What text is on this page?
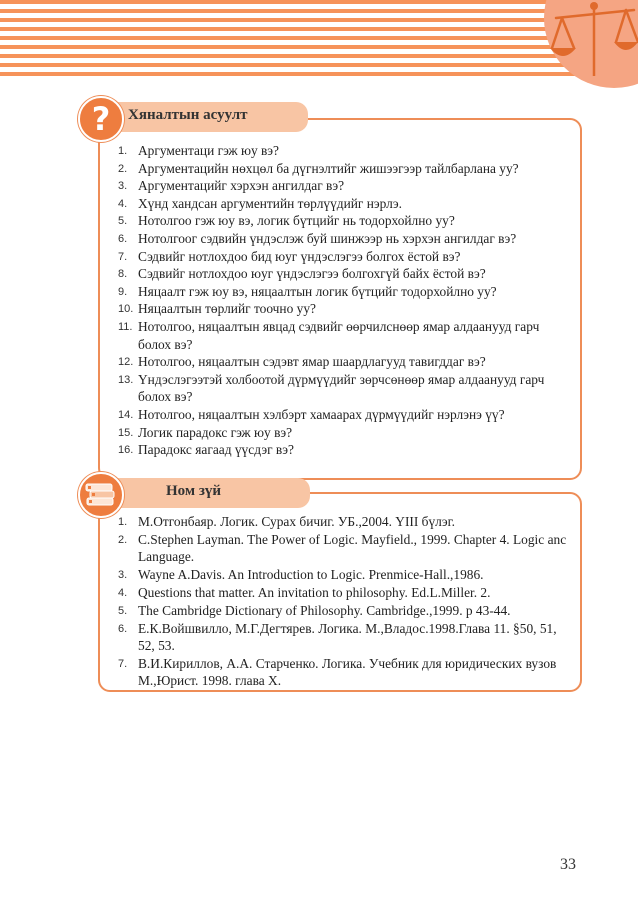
Хяналтын асуулт
?
1. Аргументаци гэж юу вэ?
2. Аргументацийн нөхцөл ба дүгнэлтийг жишээгээр тайлбарлана уу?
3. Аргументацийг хэрхэн ангилдаг вэ?
4. Хүнд хандсан аргументийн төрлүүдийг нэрлэ.
5. Нотолгоо гэж юу вэ, логик бүтцийг нь тодорхойлно уу?
6. Нотолгоог сэдвийн үндэслэж буй шинжээр нь хэрхэн ангилдаг вэ?
7. Сэдвийг нотлохдоо бид юуг үндэслэгээ болгох ёстой вэ?
8. Сэдвийг нотлохдоо юуг үндэслэгээ болгохгүй байх ёстой вэ?
9. Няцаалт гэж юу вэ, няцаалтын логик бүтцийг тодорхойлно уу?
10. Няцаалтын төрлийг тоочно уу?
11. Нотолгоо, няцаалтын явцад сэдвийг өөрчилснөөр ямар алдаанууд гарч болох вэ?
12. Нотолгоо, няцаалтын сэдэвт ямар шаардлагууд тавигддаг вэ?
13. Үндэслэгээтэй холбоотой дүрмүүдийг зөрчсөнөөр ямар алдаанууд гарч болох вэ?
14. Нотолгоо, няцаалтын хэлбэрт хамаарах дүрмүүдийг нэрлэнэ үү?
15. Логик парадокс гэж юу вэ?
16. Парадокс яагаад үүсдэг вэ?
Ном зүй
1. М.Отгонбаяр. Логик. Сурах бичиг. УБ.,2004. ҮIII бүлэг.
2. C.Stephen Layman. The Power of Logic. Mayfield., 1999. Chapter 4. Logic anc Language.
3. Wayne A.Davis. An Introduction to Logic. Prenmice-Hall.,1986.
4. Questions that matter. An invitation to philosophy. Ed.L.Miller. 2.
5. The Cambridge Dictionary of Philosophy. Cambridge.,1999. p 43-44.
6. Е.К.Войшвилло, М.Г.Дегтярев. Логика. М.,Владос.1998.Глава 11. §50, 51, 52, 53.
7. В.И.Кириллов, А.А. Старченко. Логика. Учебник для юридических вузов М.,Юрист. 1998. глава X.
33
